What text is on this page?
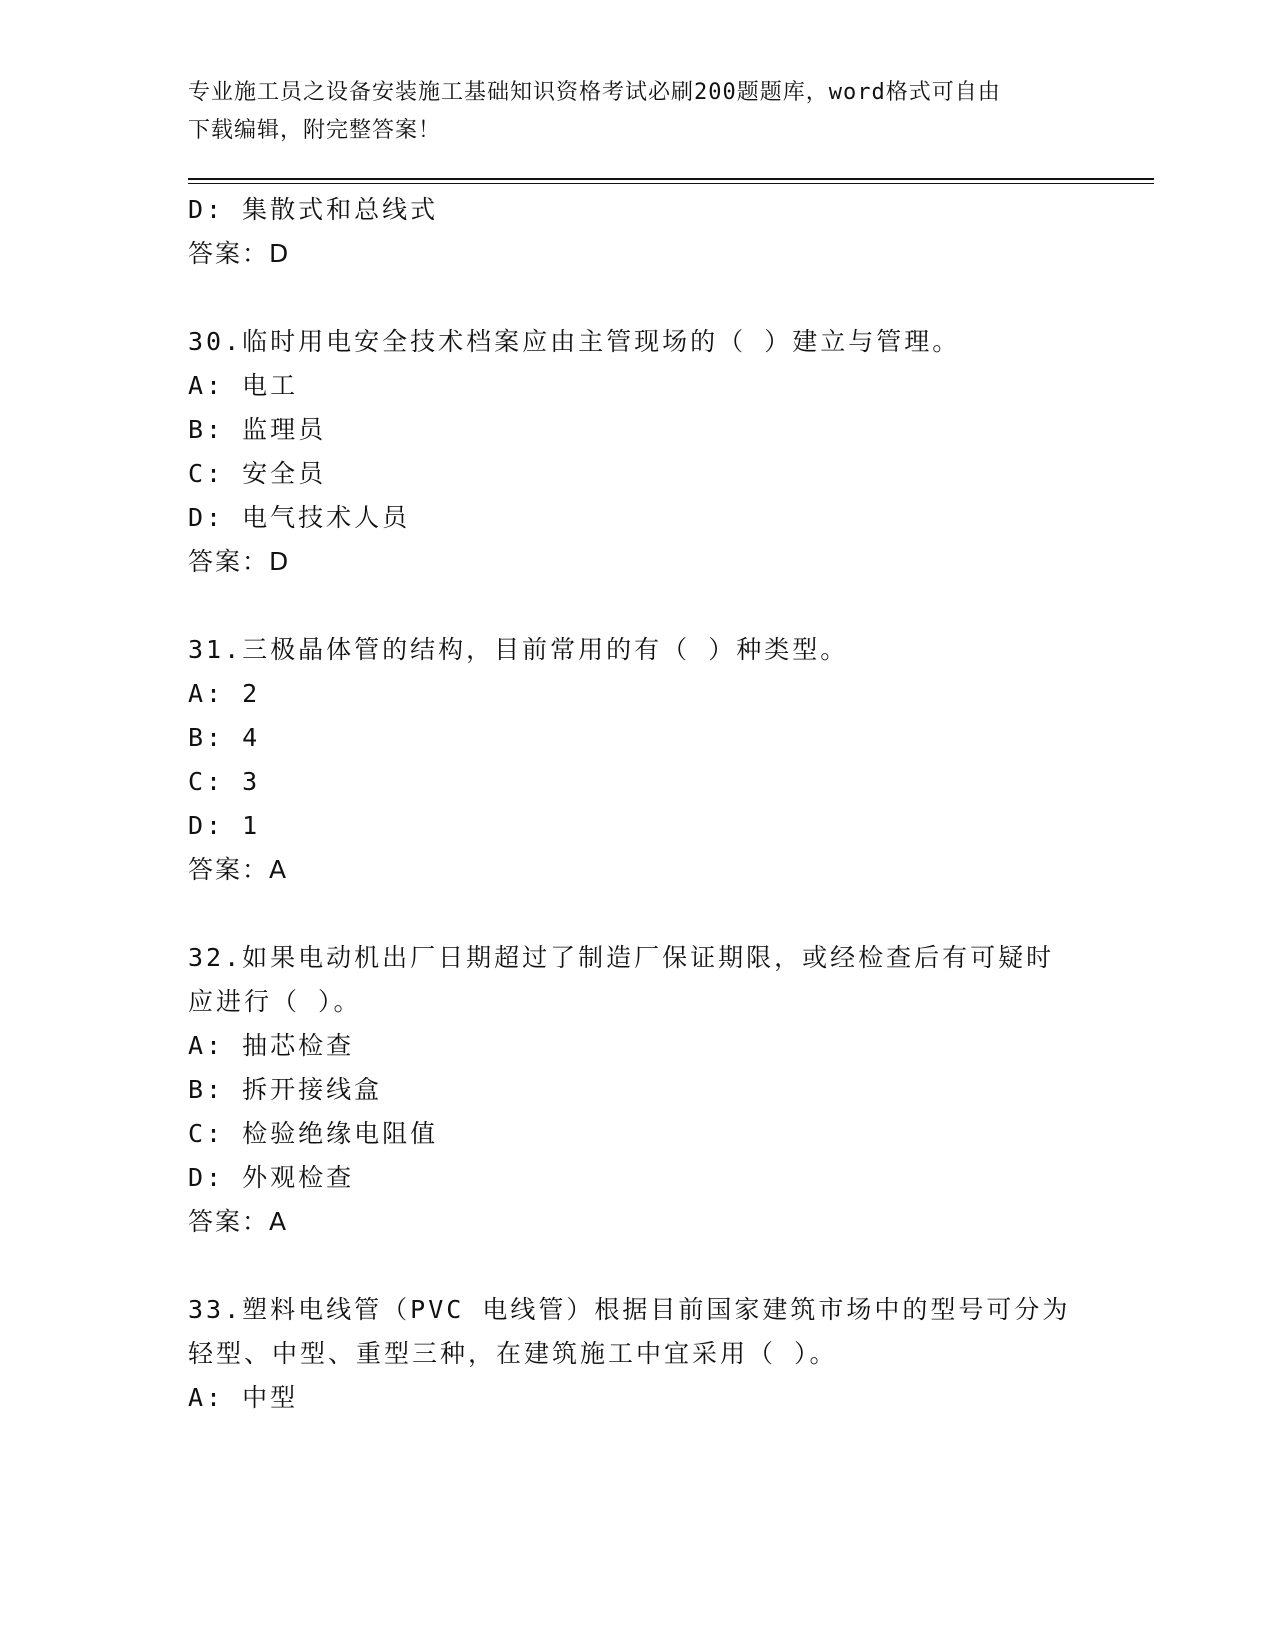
专业施工员之设备安装施工基础知识资格考试必刷200题题库，word格式可自由
下载编辑，附完整答案！
D: 集散式和总线式
答案：D
30.临时用电安全技术档案应由主管现场的（ ）建立与管理。
A: 电工
B: 监理员
C: 安全员
D: 电气技术人员
答案：D
31.三极晶体管的结构，目前常用的有（ ）种类型。
A: 2
B: 4
C: 3
D: 1
答案：A
32.如果电动机出厂日期超过了制造厂保证期限，或经检查后有可疑时
应进行（ ）。
A: 抽芯检查
B: 拆开接线盒
C: 检验绝缘电阻值
D: 外观检查
答案：A
33.塑料电线管（PVC 电线管）根据目前国家建筑市场中的型号可分为
轻型、中型、重型三种，在建筑施工中宜采用（ ）。
A: 中型
